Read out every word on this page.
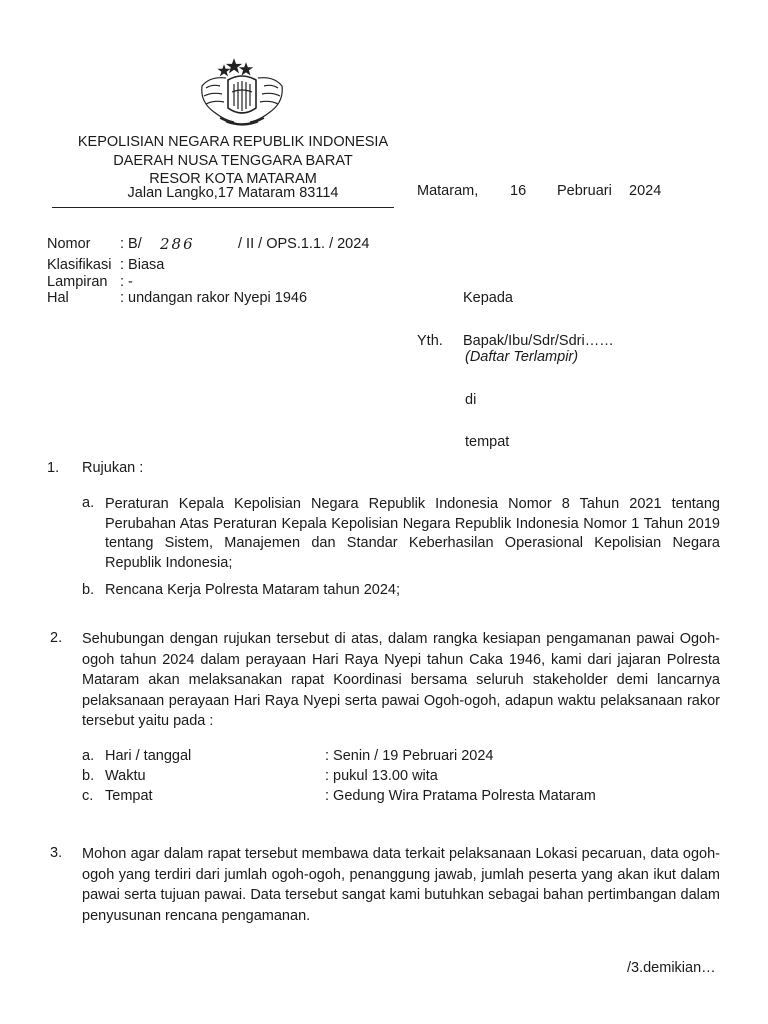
KEPOLISIAN NEGARA REPUBLIK INDONESIA
DAERAH NUSA TENGGARA BARAT
RESOR KOTA MATARAM
Jalan Langko,17 Mataram 83114	Mataram, 16 Pebruari 2024
Nomor : B/ 286	/ II / OPS.1.1. / 2024
Klasifikasi : Biasa
Lampiran : -
Hal	: undangan rakor Nyepi 1946	Kepada
Yth. Bapak/Ibu/Sdr/Sdri……
(Daftar Terlampir)
di
tempat
1. Rujukan :
a. Peraturan Kepala Kepolisian Negara Republik Indonesia Nomor 8 Tahun 2021 tentang Perubahan Atas Peraturan Kepala Kepolisian Negara Republik Indonesia Nomor 1 Tahun 2019 tentang Sistem, Manajemen dan Standar Keberhasilan Operasional Kepolisian Negara Republik Indonesia;
b. Rencana Kerja Polresta Mataram tahun 2024;
2. Sehubungan dengan rujukan tersebut di atas, dalam rangka kesiapan pengamanan pawai Ogoh-ogoh tahun 2024 dalam perayaan Hari Raya Nyepi tahun Caka 1946, kami dari jajaran Polresta Mataram akan melaksanakan rapat Koordinasi bersama seluruh stakeholder demi lancarnya pelaksanaan perayaan Hari Raya Nyepi serta pawai Ogoh-ogoh, adapun waktu pelaksanaan rakor tersebut yaitu pada :
a. Hari / tanggal	: Senin / 19 Pebruari 2024
b. Waktu	: pukul 13.00 wita
c. Tempat	: Gedung Wira Pratama Polresta Mataram
3. Mohon agar dalam rapat tersebut membawa data terkait pelaksanaan Lokasi pecaruan, data ogoh-ogoh yang terdiri dari jumlah ogoh-ogoh, penanggung jawab, jumlah peserta yang akan ikut dalam pawai serta tujuan pawai. Data tersebut sangat kami butuhkan sebagai bahan pertimbangan dalam penyusunan rencana pengamanan.
/3.demikian…
